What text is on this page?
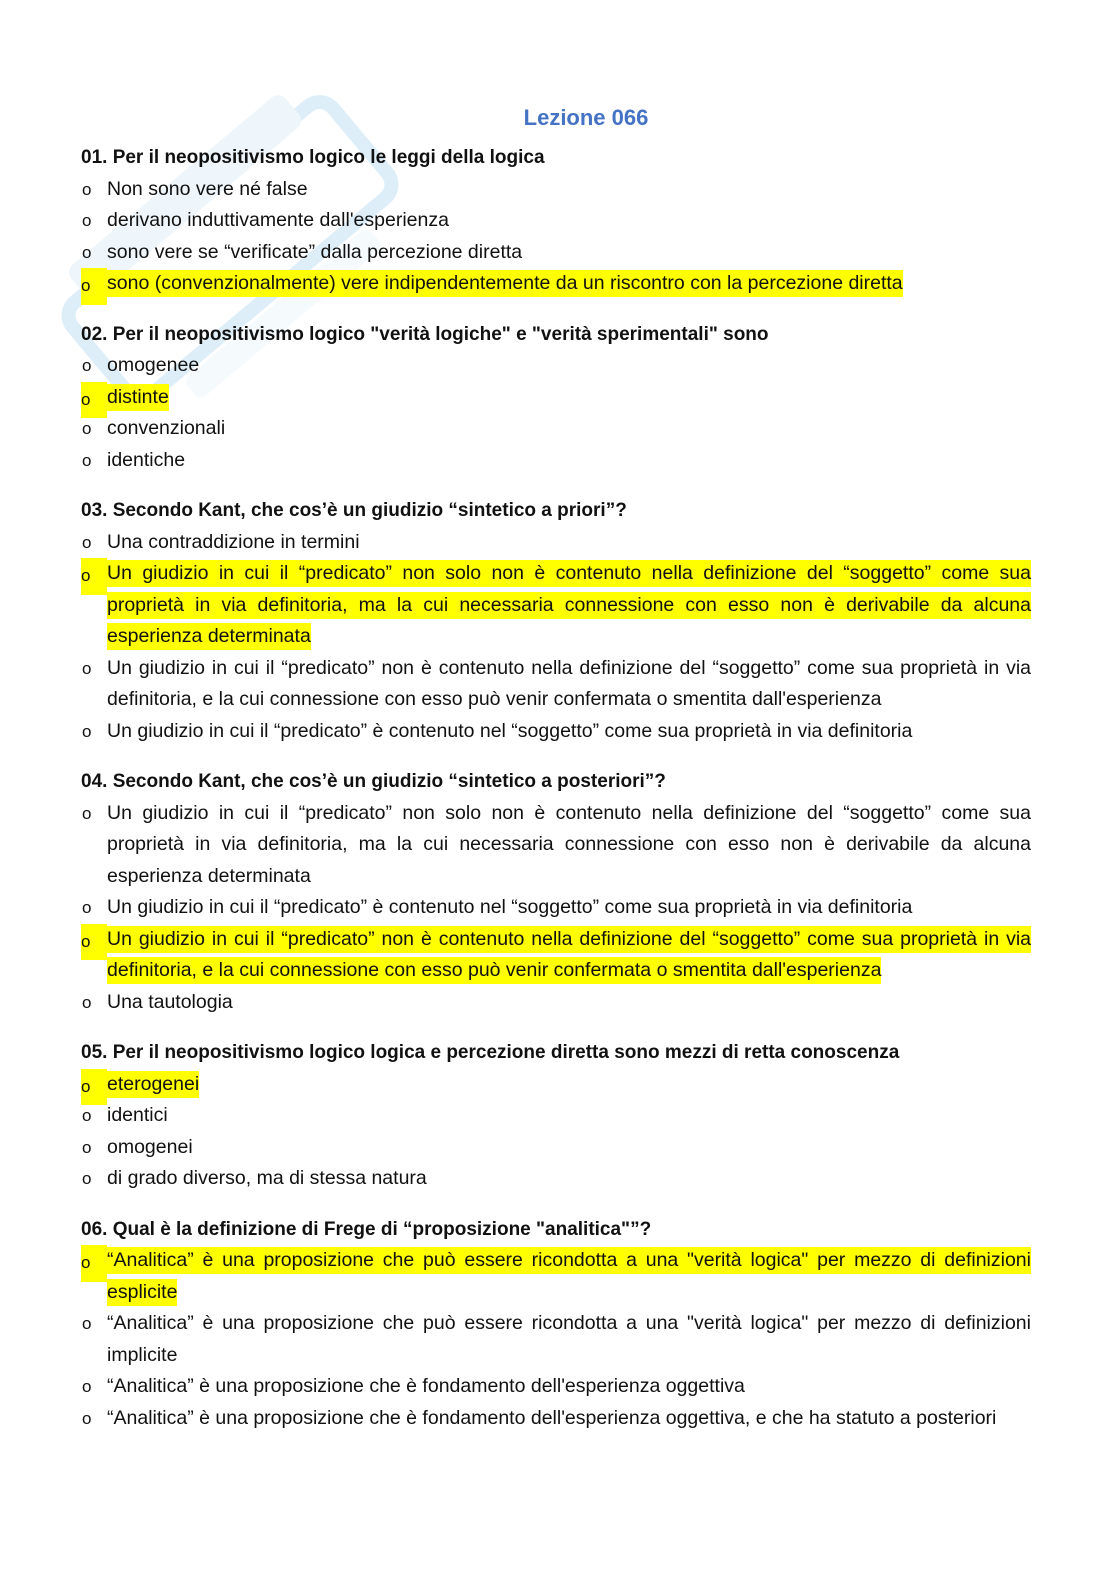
Lezione 066

01. Per il neopositivismo logico le leggi della logica

o Non sono vere né false
o derivano induttivamente dall'esperienza
o sono vere se “verificate” dalla percezione diretta
o sono (convenzionalmente) vere indipendentemente da un riscontro con la percezione diretta

02. Per il neopositivismo logico "verità logiche" e "verità sperimentali" sono

o omogenee
o distinte
o convenzionali
o identiche

03. Secondo Kant, che cos’è un giudizio “sintetico a priori”?

o Una contraddizione in termini
o Un giudizio in cui il “predicato” non solo non è contenuto nella definizione del “soggetto” come sua proprietà in via definitoria, ma la cui necessaria connessione con esso non è derivabile da alcuna esperienza determinata
o Un giudizio in cui il “predicato” non è contenuto nella definizione del “soggetto” come sua proprietà in via definitoria, e la cui connessione con esso può venir confermata o smentita dall'esperienza
o Un giudizio in cui il “predicato” è contenuto nel “soggetto” come sua proprietà in via definitoria

04. Secondo Kant, che cos’è un giudizio “sintetico a posteriori”?

o Un giudizio in cui il “predicato” non solo non è contenuto nella definizione del “soggetto” come sua proprietà in via definitoria, ma la cui necessaria connessione con esso non è derivabile da alcuna esperienza determinata
o Un giudizio in cui il “predicato” è contenuto nel “soggetto” come sua proprietà in via definitoria
o Un giudizio in cui il “predicato” non è contenuto nella definizione del “soggetto” come sua proprietà in via definitoria, e la cui connessione con esso può venir confermata o smentita dall'esperienza
o Una tautologia

05. Per il neopositivismo logico logica e percezione diretta sono mezzi di retta conoscenza

o eterogenei
o identici
o omogenei
o di grado diverso, ma di stessa natura

06. Qual è la definizione di Frege di “proposizione "analitica"”?

o “Analitica” è una proposizione che può essere ricondotta a una "verità logica" per mezzo di definizioni esplicite
o “Analitica” è una proposizione che può essere ricondotta a una "verità logica" per mezzo di definizioni implicite
o “Analitica” è una proposizione che è fondamento dell'esperienza oggettiva
o “Analitica” è una proposizione che è fondamento dell'esperienza oggettiva, e che ha statuto a posteriori
